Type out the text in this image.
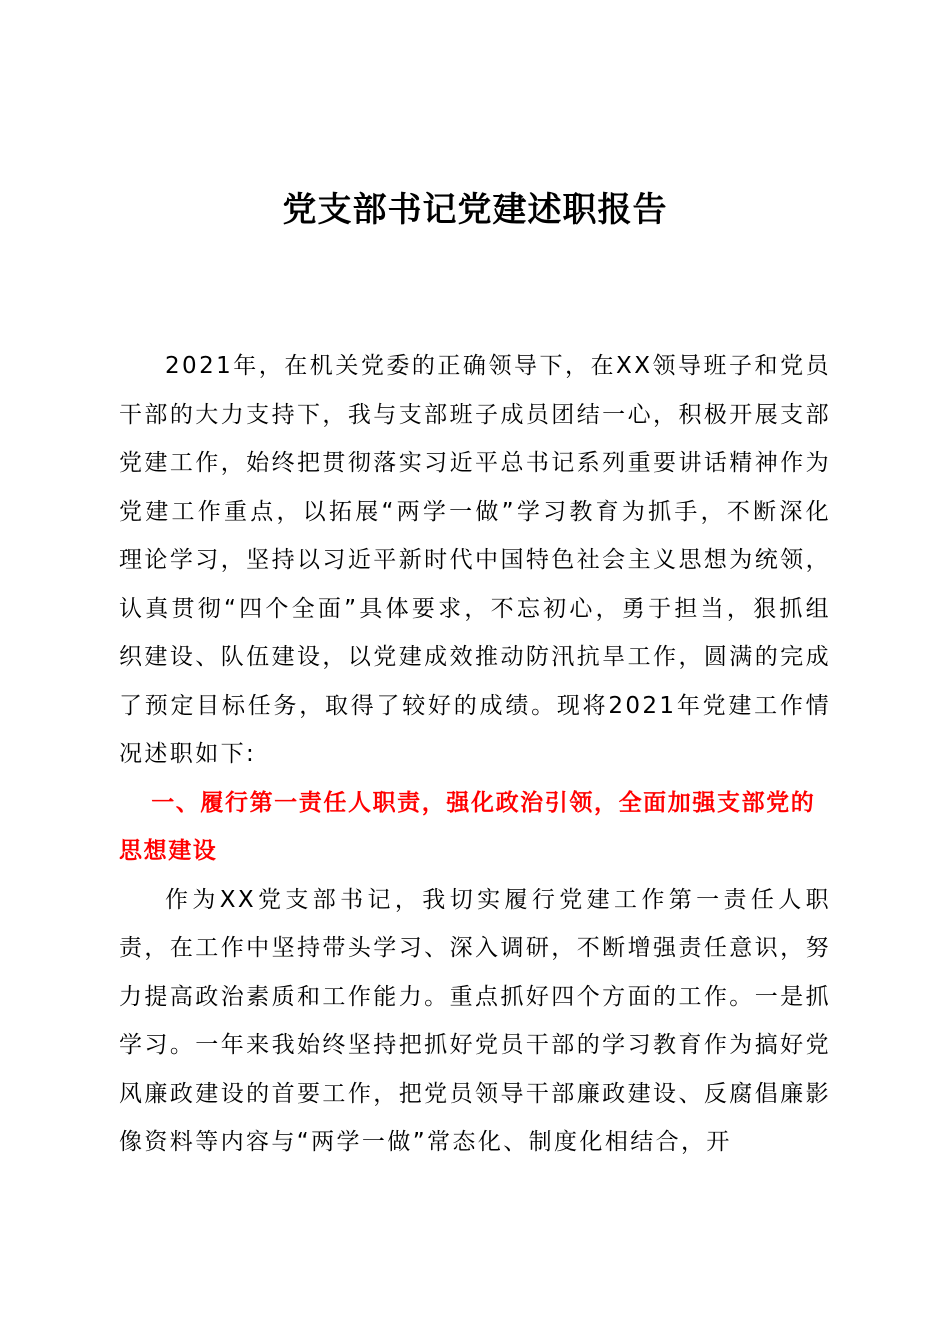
党支部书记党建述职报告

2021年，在机关党委的正确领导下，在XX领导班子和党员干部的大力支持下，我与支部班子成员团结一心，积极开展支部党建工作，始终把贯彻落实习近平总书记系列重要讲话精神作为党建工作重点，以拓展“两学一做”学习教育为抓手，不断深化理论学习，坚持以习近平新时代中国特色社会主义思想为统领，认真贯彻“四个全面”具体要求，不忘初心，勇于担当，狠抓组织建设、队伍建设，以党建成效推动防汛抗旱工作，圆满的完成了预定目标任务，取得了较好的成绩。现将2021年党建工作情况述职如下:

一、履行第一责任人职责，强化政治引领，全面加强支部党的思想建设

作为XX党支部书记，我切实履行党建工作第一责任人职责，在工作中坚持带头学习、深入调研，不断增强责任意识，努力提高政治素质和工作能力。重点抓好四个方面的工作。一是抓学习。一年来我始终坚持把抓好党员干部的学习教育作为搞好党风廉政建设的首要工作，把党员领导干部廉政建设、反腐倡廉影像资料等内容与“两学一做”常态化、制度化相结合，开
